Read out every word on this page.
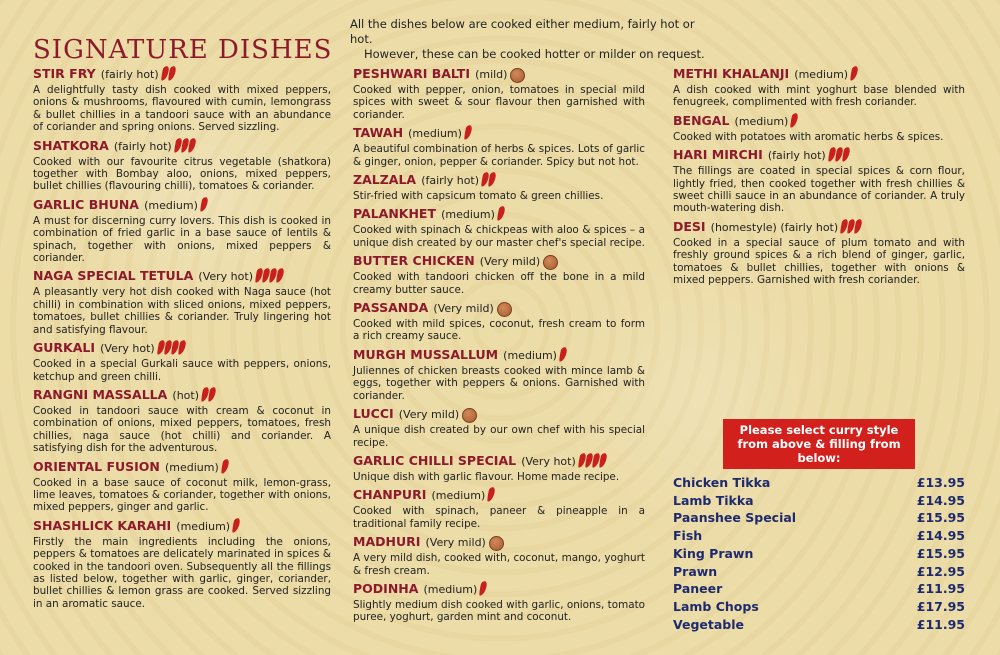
SIGNATURE DISHES
All the dishes below are cooked either medium, fairly hot or hot.
However, these can be cooked hotter or milder on request.
STIR FRY (fairly hot)
A delightfully tasty dish cooked with mixed peppers, onions & mushrooms, flavoured with cumin, lemongrass & bullet chillies in a tandoori sauce with an abundance of coriander and spring onions. Served sizzling.
SHATKORA (fairly hot)
Cooked with our favourite citrus vegetable (shatkora) together with Bombay aloo, onions, mixed peppers, bullet chillies (flavouring chilli), tomatoes & coriander.
GARLIC BHUNA (medium)
A must for discerning curry lovers. This dish is cooked in combination of fried garlic in a base sauce of lentils & spinach, together with onions, mixed peppers & coriander.
NAGA SPECIAL TETULA (Very hot)
A pleasantly very hot dish cooked with Naga sauce (hot chilli) in combination with sliced onions, mixed peppers, tomatoes, bullet chillies & coriander. Truly lingering hot and satisfying flavour.
GURKALI (Very hot)
Cooked in a special Gurkali sauce with peppers, onions, ketchup and green chilli.
RANGNI MASSALLA (hot)
Cooked in tandoori sauce with cream & coconut in combination of onions, mixed peppers, tomatoes, fresh chillies, naga sauce (hot chilli) and coriander. A satisfying dish for the adventurous.
ORIENTAL FUSION (medium)
Cooked in a base sauce of coconut milk, lemon-grass, lime leaves, tomatoes & coriander, together with onions, mixed peppers, ginger and garlic.
SHASHLICK KARAHI (medium)
Firstly the main ingredients including the onions, peppers & tomatoes are delicately marinated in spices & cooked in the tandoori oven. Subsequently all the fillings as listed below, together with garlic, ginger, coriander, bullet chillies & lemon grass are cooked. Served sizzling in an aromatic sauce.
PESHWARI BALTI (mild)
Cooked with pepper, onion, tomatoes in special mild spices with sweet & sour flavour then garnished with coriander.
TAWAH (medium)
A beautiful combination of herbs & spices. Lots of garlic & ginger, onion, pepper & coriander. Spicy but not hot.
ZALZALA (fairly hot)
Stir-fried with capsicum tomato & green chillies.
PALANKHET (medium)
Cooked with spinach & chickpeas with aloo & spices – a unique dish created by our master chef's special recipe.
BUTTER CHICKEN (Very mild)
Cooked with tandoori chicken off the bone in a mild creamy butter sauce.
PASSANDA (Very mild)
Cooked with mild spices, coconut, fresh cream to form a rich creamy sauce.
MURGH MUSSALLUM (medium)
Juliennes of chicken breasts cooked with mince lamb & eggs, together with peppers & onions. Garnished with coriander.
LUCCI (Very mild)
A unique dish created by our own chef with his special recipe.
GARLIC CHILLI SPECIAL (Very hot)
Unique dish with garlic flavour. Home made recipe.
CHANPURI (medium)
Cooked with spinach, paneer & pineapple in a traditional family recipe.
MADHURI (Very mild)
A very mild dish, cooked with, coconut, mango, yoghurt & fresh cream.
PODINHA (medium)
Slightly medium dish cooked with garlic, onions, tomato puree, yoghurt, garden mint and coconut.
METHI KHALANJI (medium)
A dish cooked with mint yoghurt base blended with fenugreek, complimented with fresh coriander.
BENGAL (medium)
Cooked with potatoes with aromatic herbs & spices.
HARI MIRCHI (fairly hot)
The fillings are coated in special spices & corn flour, lightly fried, then cooked together with fresh chillies & sweet chilli sauce in an abundance of coriander. A truly mouth-watering dish.
DESI (homestyle) (fairly hot)
Cooked in a special sauce of plum tomato and with freshly ground spices & a rich blend of ginger, garlic, tomatoes & bullet chillies, together with onions & mixed peppers. Garnished with fresh coriander.
Please select curry style from above & filling from below:
Chicken Tikka	£13.95
Lamb Tikka	£14.95
Paanshee Special	£15.95
Fish	£14.95
King Prawn	£15.95
Prawn	£12.95
Paneer	£11.95
Lamb Chops	£17.95
Vegetable	£11.95
